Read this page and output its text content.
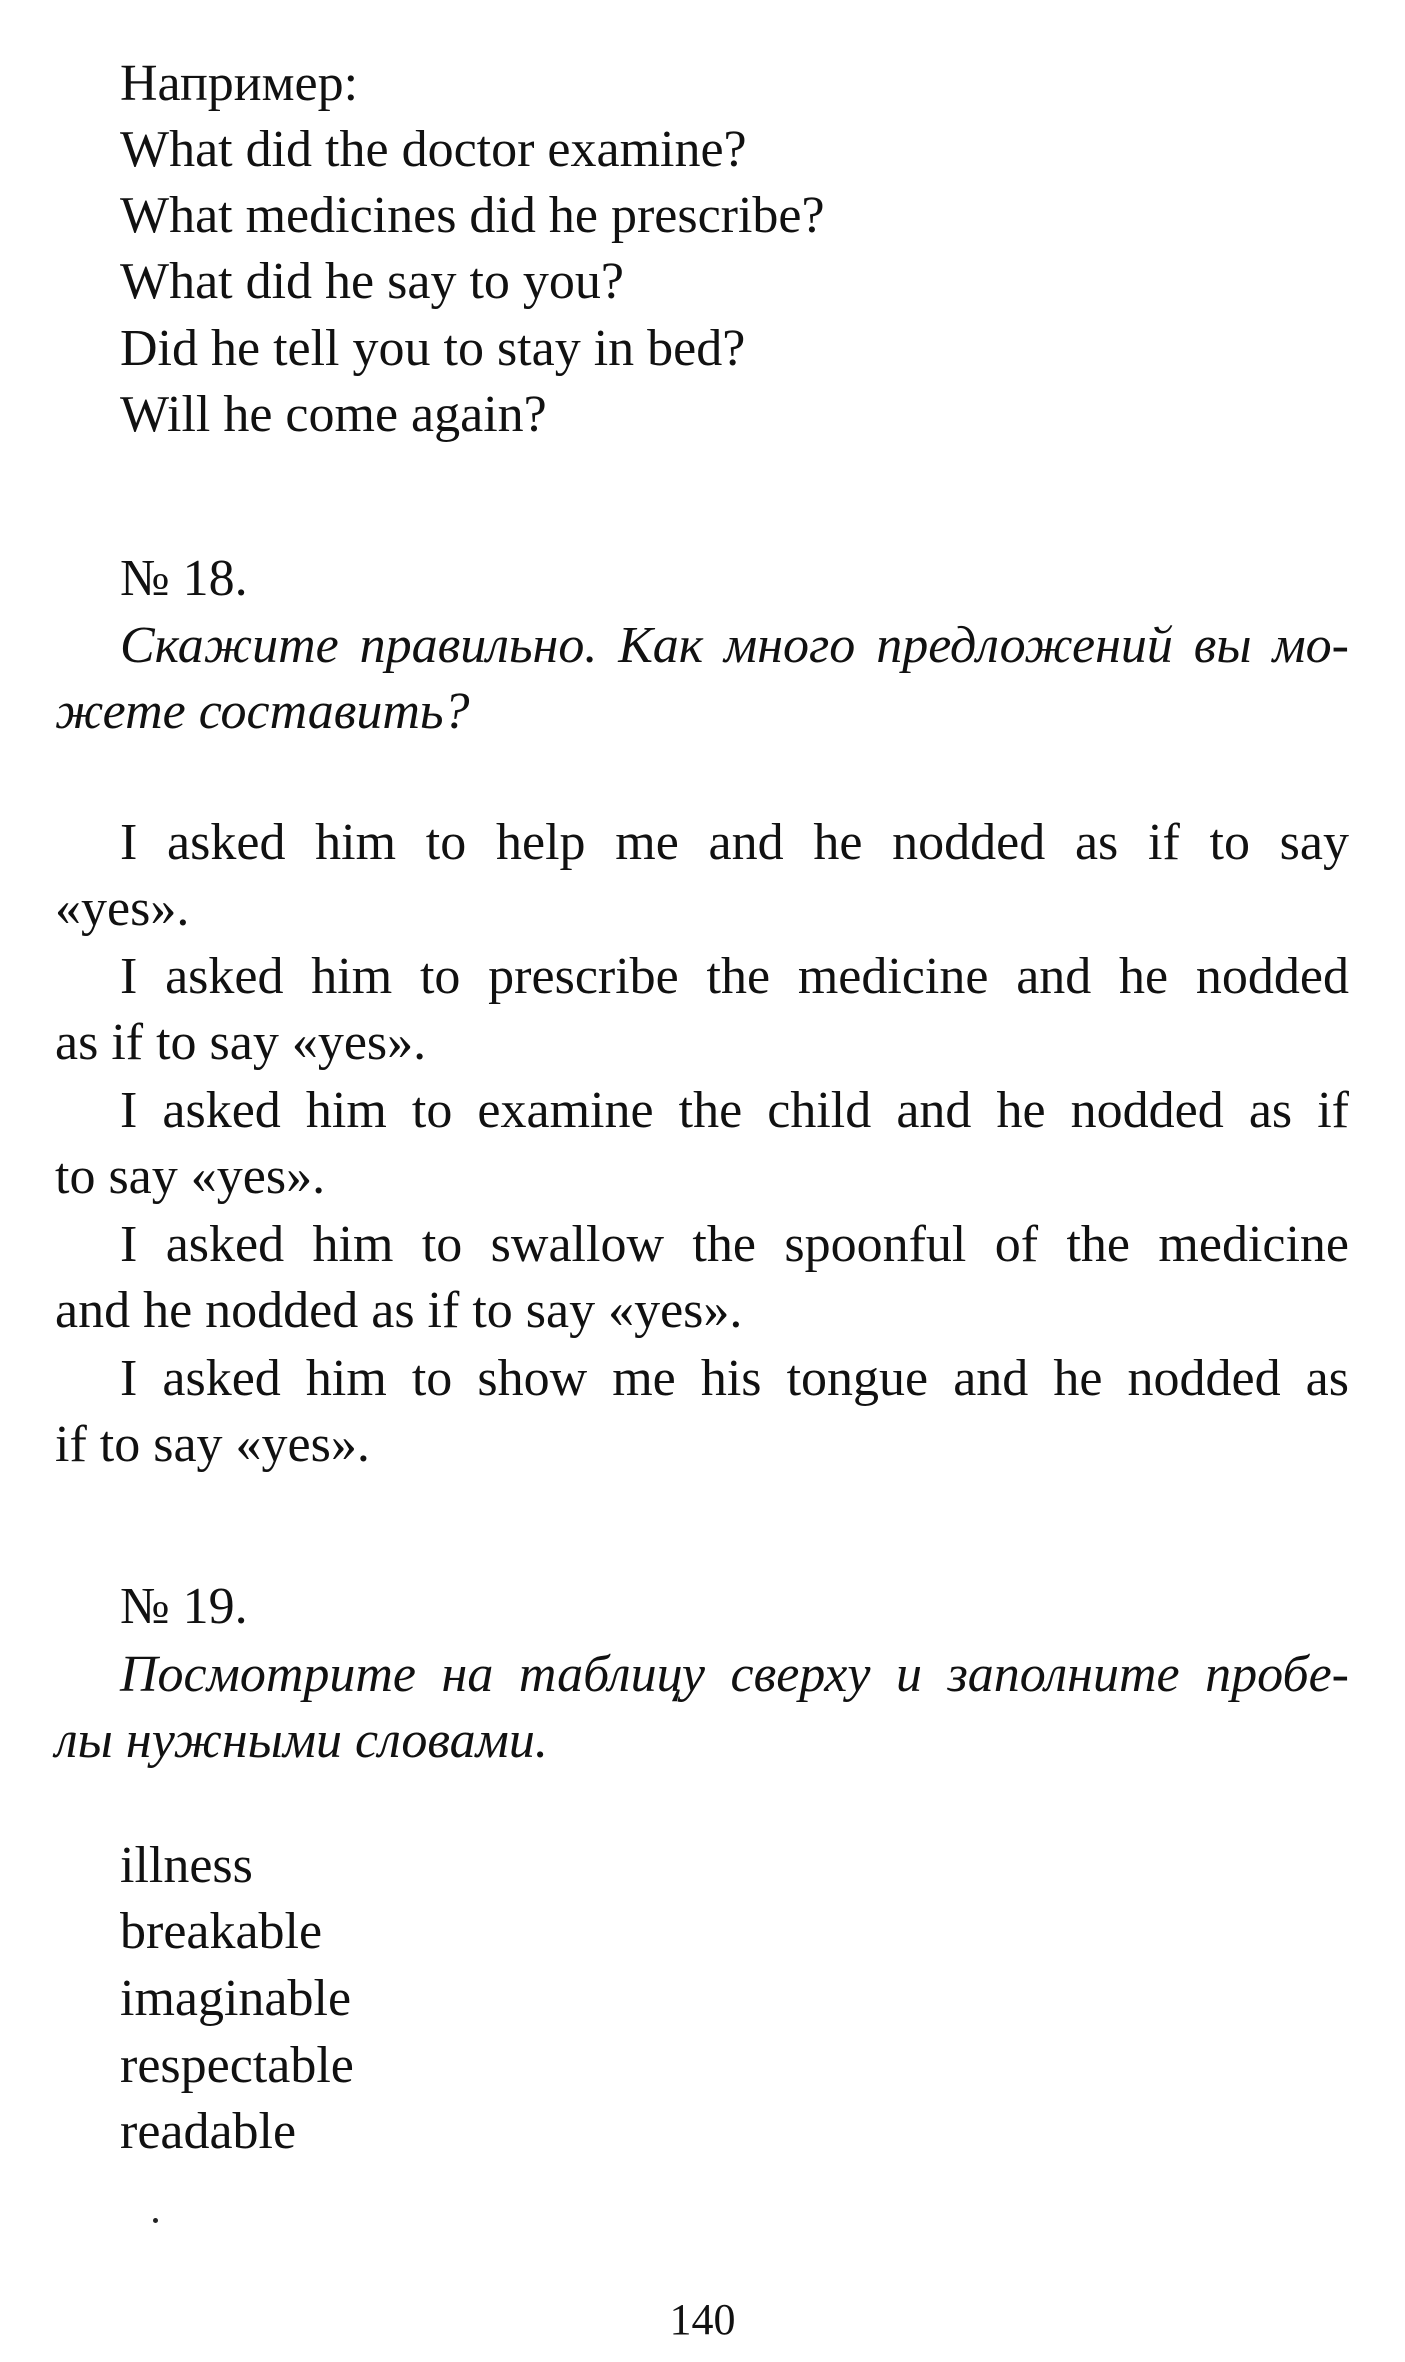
Например:
What did the doctor examine?
What medicines did he prescribe?
What did he say to you?
Did he tell you to stay in bed?
Will he come again?
№ 18.
Скажите правильно. Как много предложений вы мо-
жете составить?
I asked him to help me and he nodded as if to say
«yes».
I asked him to prescribe the medicine and he nodded
as if to say «yes».
I asked him to examine the child and he nodded as if
to say «yes».
I asked him to swallow the spoonful of the medicine
and he nodded as if to say «yes».
I asked him to show me his tongue and he nodded as
if to say «yes».
№ 19.
Посмотрите на таблицу сверху и заполните пробе-
лы нужными словами.
illness
breakable
imaginable
respectable
readable
140
